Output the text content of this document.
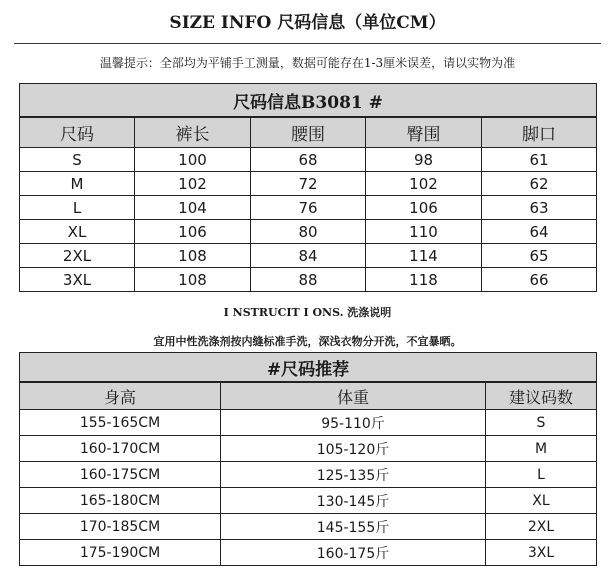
SIZE INFO 尺码信息（单位CM）
温馨提示：全部均为平铺手工测量，数据可能存在1-3厘米误差，请以实物为准
尺码信息B3081 #				
尺码	裤长	腰围	臀围	脚口
S	100	68	98	61
M	102	72	102	62
L	104	76	106	63
XL	106	80	110	64
2XL	108	84	114	65
3XL	108	88	118	66
I NSTRUCIT I ONS. 洗涤说明
宜用中性洗涤剂按内缝标准手洗，深浅衣物分开洗，不宜暴晒。
#尺码推荐		
身高	体重	建议码数
155-165CM	95-110斤	S
160-170CM	105-120斤	M
160-175CM	125-135斤	L
165-180CM	130-145斤	XL
170-185CM	145-155斤	2XL
175-190CM	160-175斤	3XL
